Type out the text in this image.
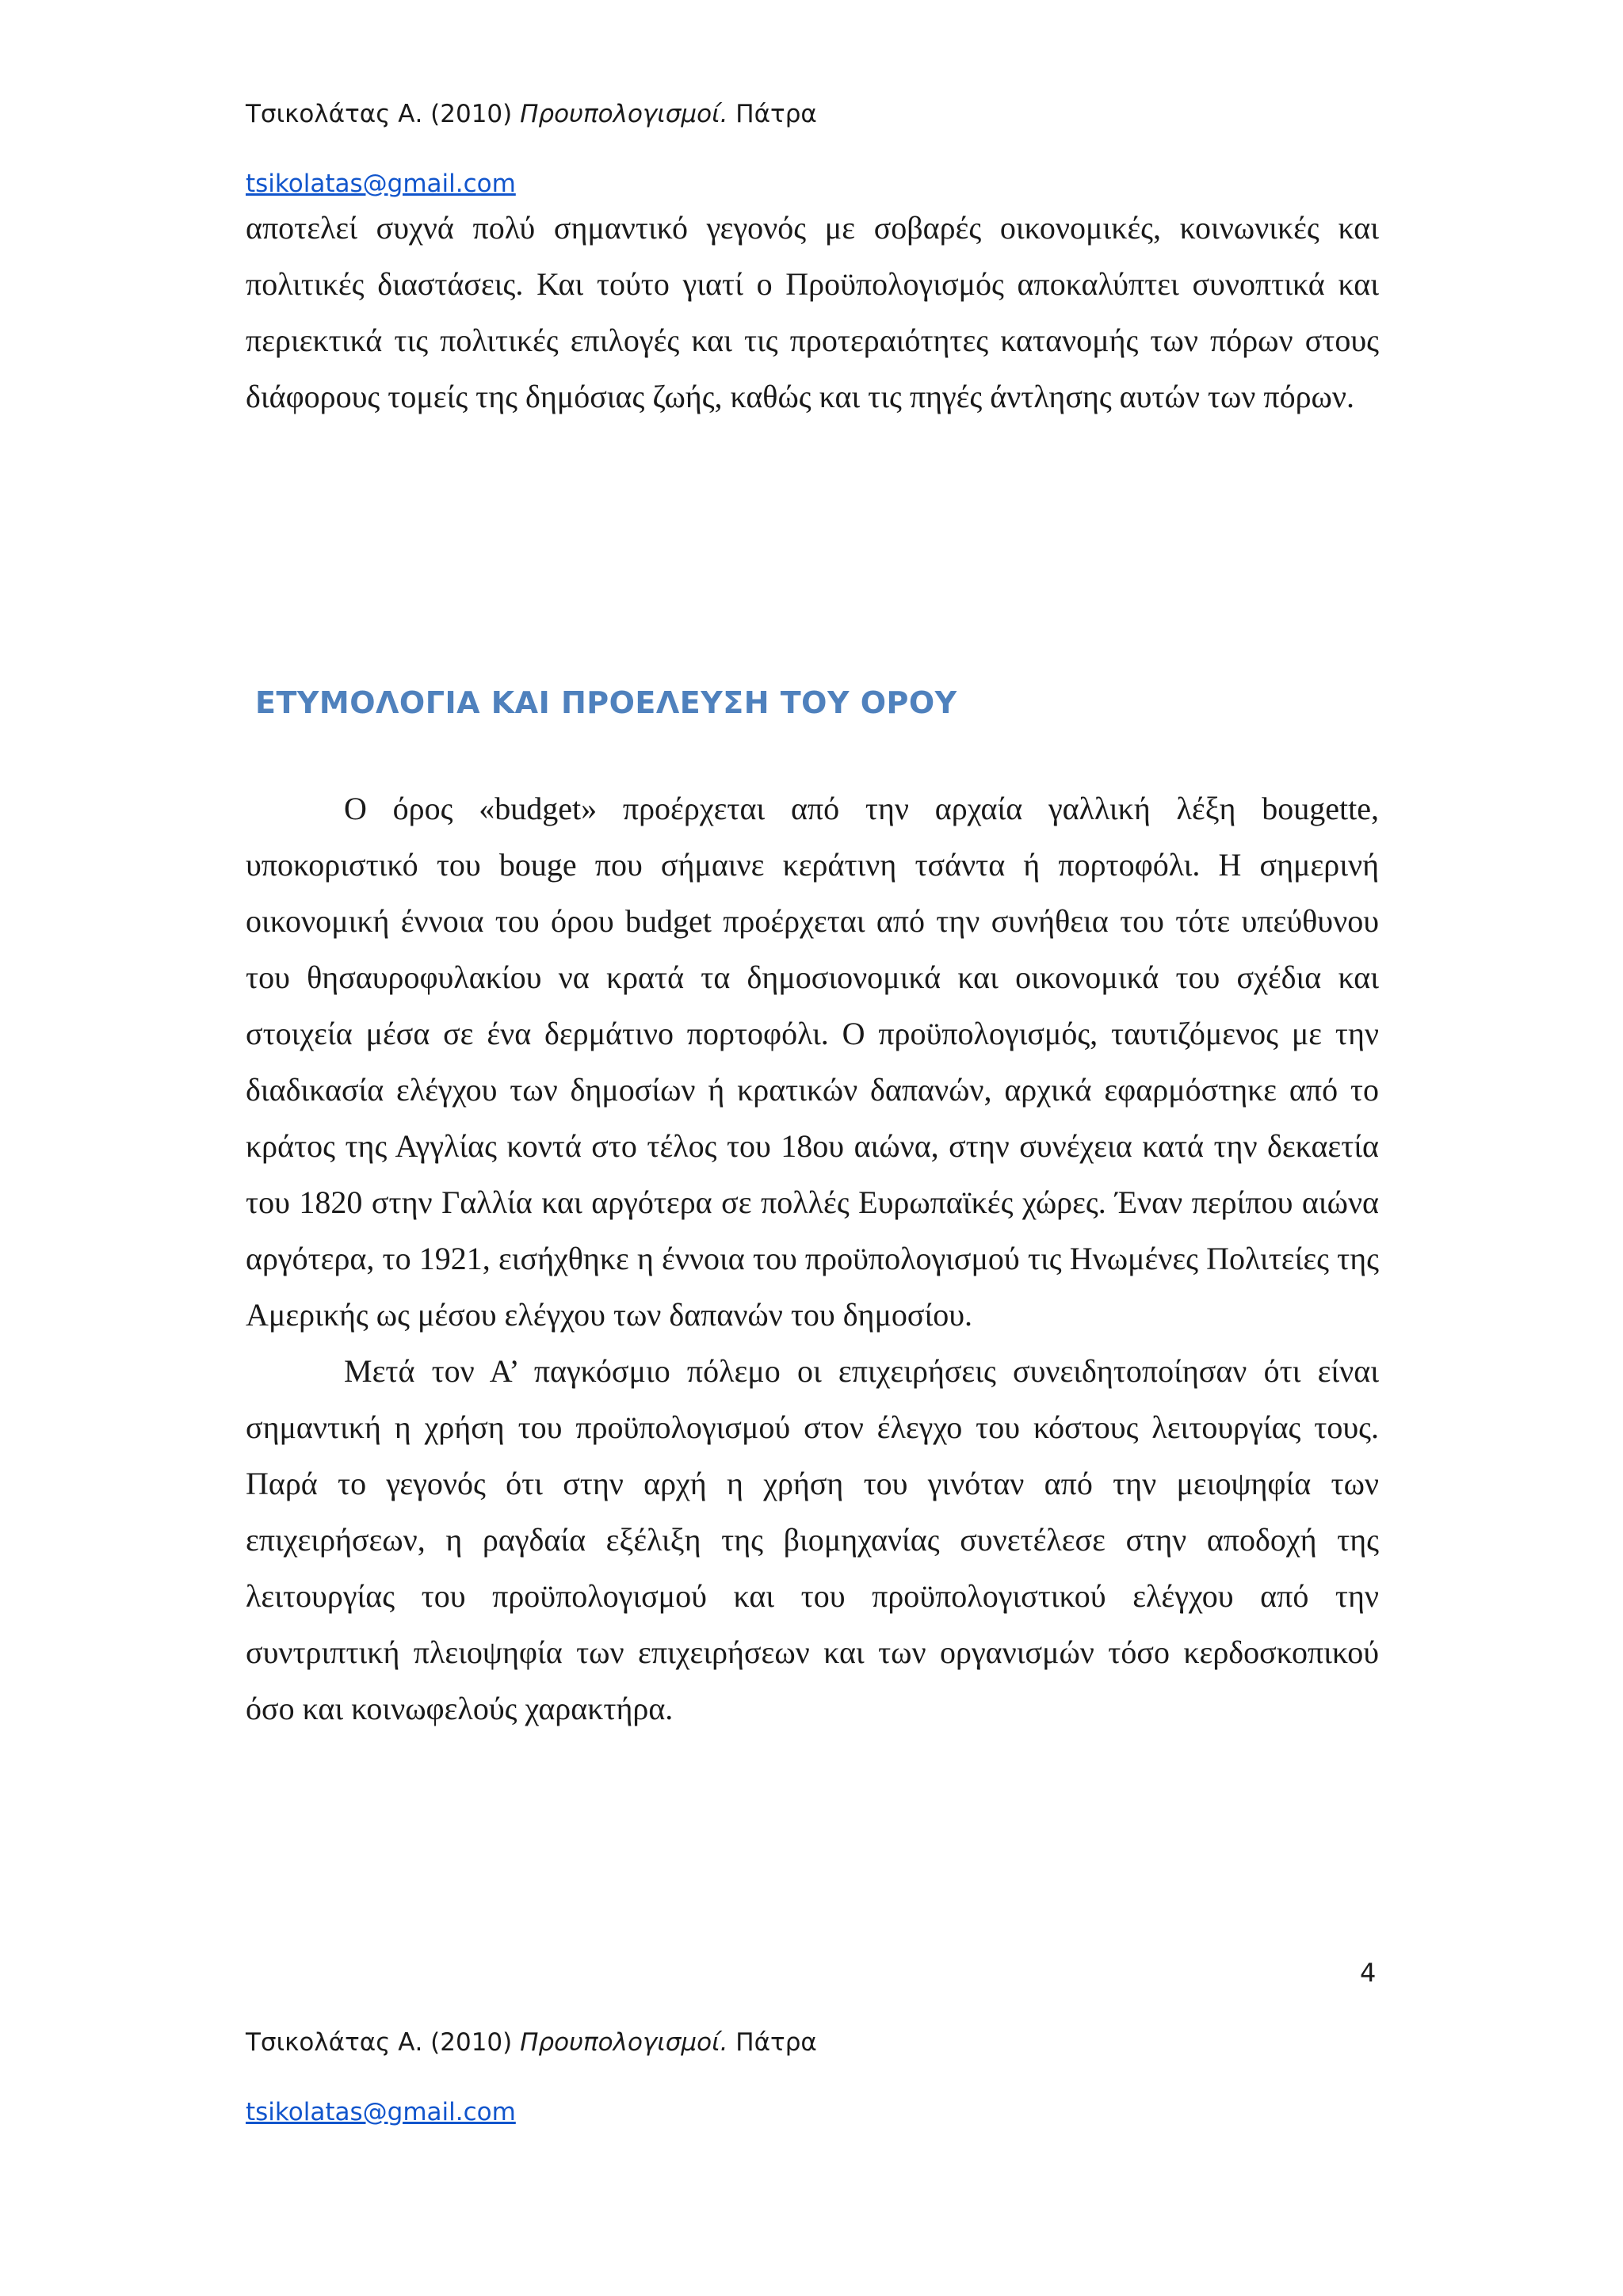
Τσικολάτας Α. (2010) Προυπολογισμοί. Πάτρα
tsikolatas@gmail.com

αποτελεί συχνά πολύ σημαντικό γεγονός με σοβαρές οικονομικές, κοινωνικές και πολιτικές διαστάσεις. Και τούτο γιατί ο Προϋπολογισμός αποκαλύπτει συνοπτικά και περιεκτικά τις πολιτικές επιλογές και τις προτεραιότητες κατανομής των πόρων στους διάφορους τομείς της δημόσιας ζωής, καθώς και τις πηγές άντλησης αυτών των πόρων.

ΕΤΥΜΟΛΟΓΙΑ ΚΑΙ ΠΡΟΕΛΕΥΣΗ ΤΟΥ ΟΡΟΥ

Ο όρος «budget» προέρχεται από την αρχαία γαλλική λέξη bougette, υποκοριστικό του bouge που σήμαινε κεράτινη τσάντα ή πορτοφόλι. Η σημερινή οικονομική έννοια του όρου budget προέρχεται από την συνήθεια του τότε υπεύθυνου του θησαυροφυλακίου να κρατά τα δημοσιονομικά και οικονομικά του σχέδια και στοιχεία μέσα σε ένα δερμάτινο πορτοφόλι. Ο προϋπολογισμός, ταυτιζόμενος με την διαδικασία ελέγχου των δημοσίων ή κρατικών δαπανών, αρχικά εφαρμόστηκε από το κράτος της Αγγλίας κοντά στο τέλος του 18ου αιώνα, στην συνέχεια κατά την δεκαετία του 1820 στην Γαλλία και αργότερα σε πολλές Ευρωπαϊκές χώρες. Έναν περίπου αιώνα αργότερα, το 1921, εισήχθηκε η έννοια του προϋπολογισμού τις Ηνωμένες Πολιτείες της Αμερικής ως μέσου ελέγχου των δαπανών του δημοσίου.

Μετά τον Α’ παγκόσμιο πόλεμο οι επιχειρήσεις συνειδητοποίησαν ότι είναι σημαντική η χρήση του προϋπολογισμού στον έλεγχο του κόστους λειτουργίας τους. Παρά το γεγονός ότι στην αρχή η χρήση του γινόταν από την μειοψηφία των επιχειρήσεων, η ραγδαία εξέλιξη της βιομηχανίας συνετέλεσε στην αποδοχή της λειτουργίας του προϋπολογισμού και του προϋπολογιστικού ελέγχου από την συντριπτική πλειοψηφία των επιχειρήσεων και των οργανισμών τόσο κερδοσκοπικού όσο και κοινωφελούς χαρακτήρα.

4
Τσικολάτας Α. (2010) Προυπολογισμοί. Πάτρα
tsikolatas@gmail.com
